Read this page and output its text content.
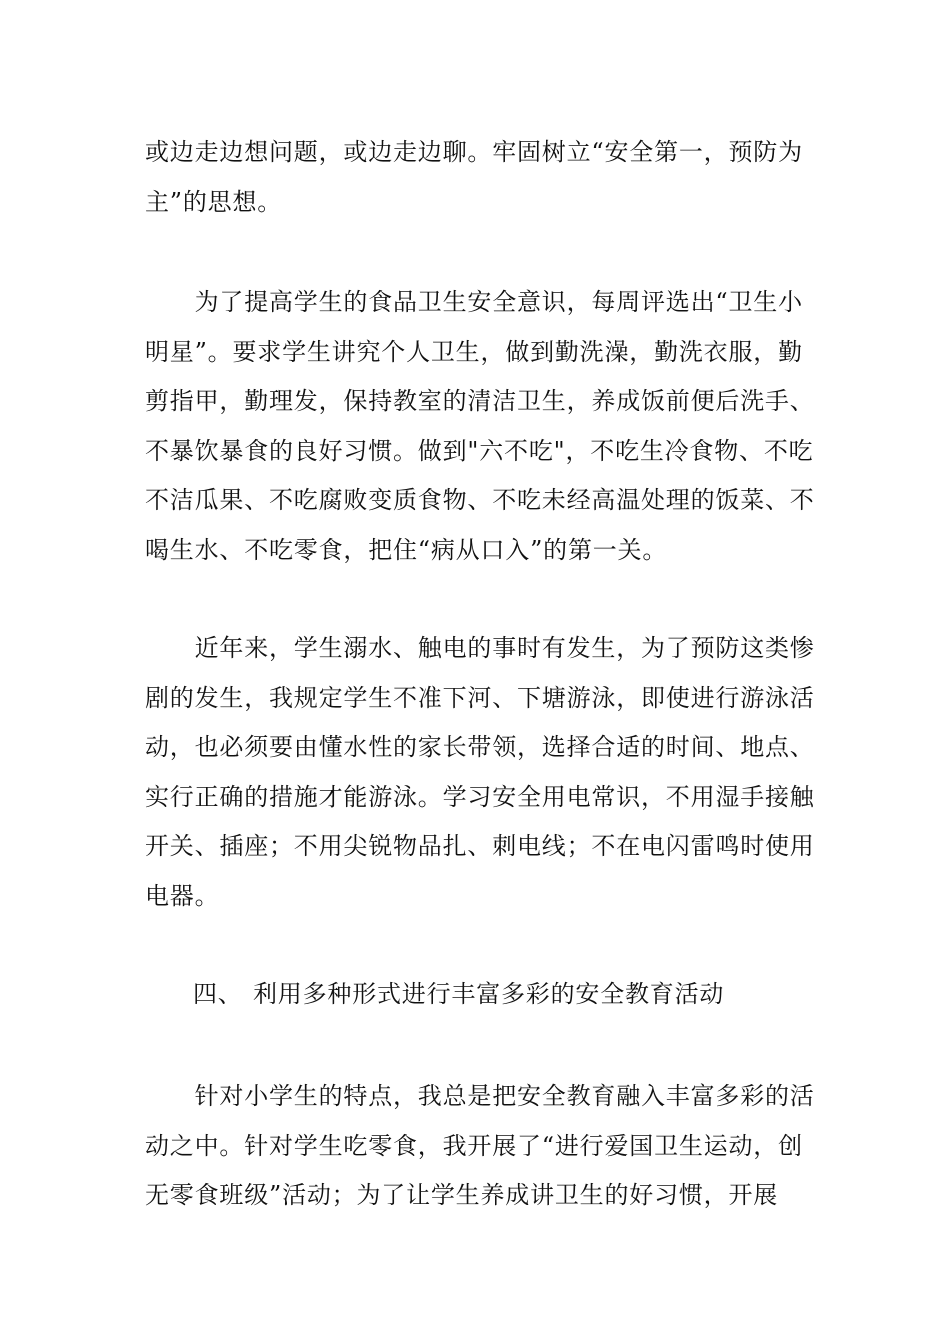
或边走边想问题，或边走边聊。牢固树立“安全第一，预防为
主”的思想。

　　为了提高学生的食品卫生安全意识，每周评选出“卫生小
明星”。要求学生讲究个人卫生，做到勤洗澡，勤洗衣服，勤
剪指甲，勤理发，保持教室的清洁卫生，养成饭前便后洗手、
不暴饮暴食的良好习惯。做到"六不吃"，不吃生冷食物、不吃
不洁瓜果、不吃腐败变质食物、不吃未经高温处理的饭菜、不
喝生水、不吃零食，把住“病从口入”的第一关。

　　近年来，学生溺水、触电的事时有发生，为了预防这类惨
剧的发生，我规定学生不准下河、下塘游泳，即使进行游泳活
动，也必须要由懂水性的家长带领，选择合适的时间、地点、
实行正确的措施才能游泳。学习安全用电常识，不用湿手接触
开关、插座；不用尖锐物品扎、刺电线；不在电闪雷鸣时使用
电器。

四、 利用多种形式进行丰富多彩的安全教育活动

　　针对小学生的特点，我总是把安全教育融入丰富多彩的活
动之中。针对学生吃零食，我开展了“进行爱国卫生运动，创
无零食班级”活动；为了让学生养成讲卫生的好习惯，开展
